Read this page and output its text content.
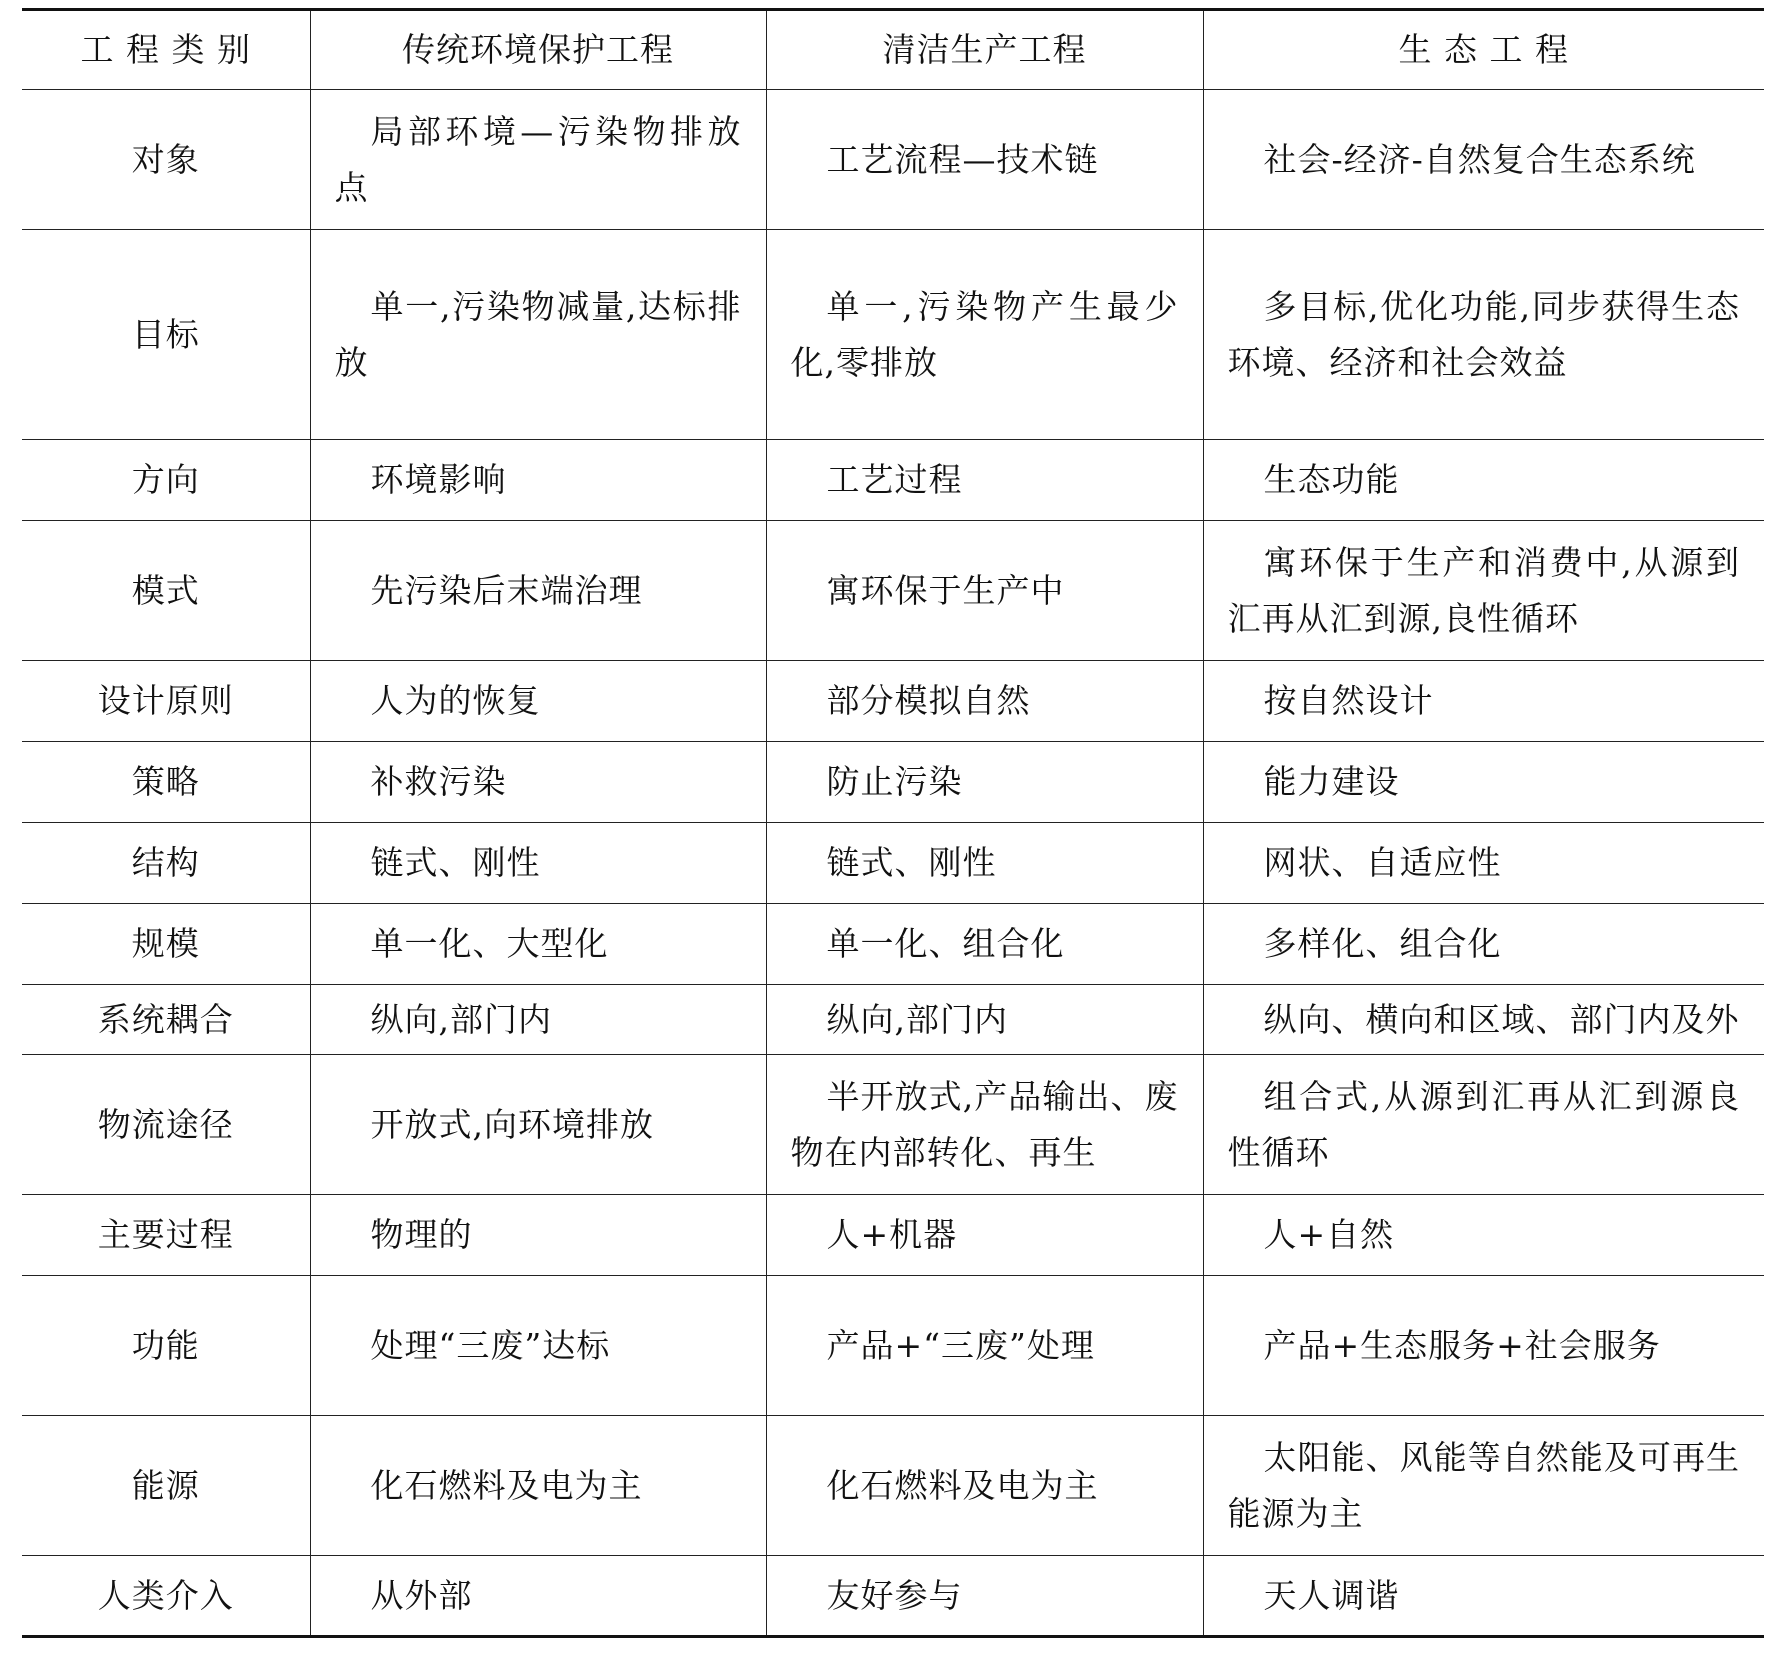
工 程 类 别	传统环境保护工程	清洁生产工程	生 态 工 程
对象	局部环境—污染物排放点	工艺流程—技术链	社会-经济-自然复合生态系统
目标	单一,污染物减量,达标排放	单一,污染物产生最少化,零排放	多目标,优化功能,同步获得生态环境、经济和社会效益
方向	环境影响	工艺过程	生态功能
模式	先污染后末端治理	寓环保于生产中	寓环保于生产和消费中,从源到汇再从汇到源,良性循环
设计原则	人为的恢复	部分模拟自然	按自然设计
策略	补救污染	防止污染	能力建设
结构	链式、刚性	链式、刚性	网状、自适应性
规模	单一化、大型化	单一化、组合化	多样化、组合化
系统耦合	纵向,部门内	纵向,部门内	纵向、横向和区域、部门内及外
物流途径	开放式,向环境排放	半开放式,产品输出、废物在内部转化、再生	组合式,从源到汇再从汇到源良性循环
主要过程	物理的	人+机器	人+自然
功能	处理“三废”达标	产品+“三废”处理	产品+生态服务+社会服务
能源	化石燃料及电为主	化石燃料及电为主	太阳能、风能等自然能及可再生能源为主
人类介入	从外部	友好参与	天人调谐
